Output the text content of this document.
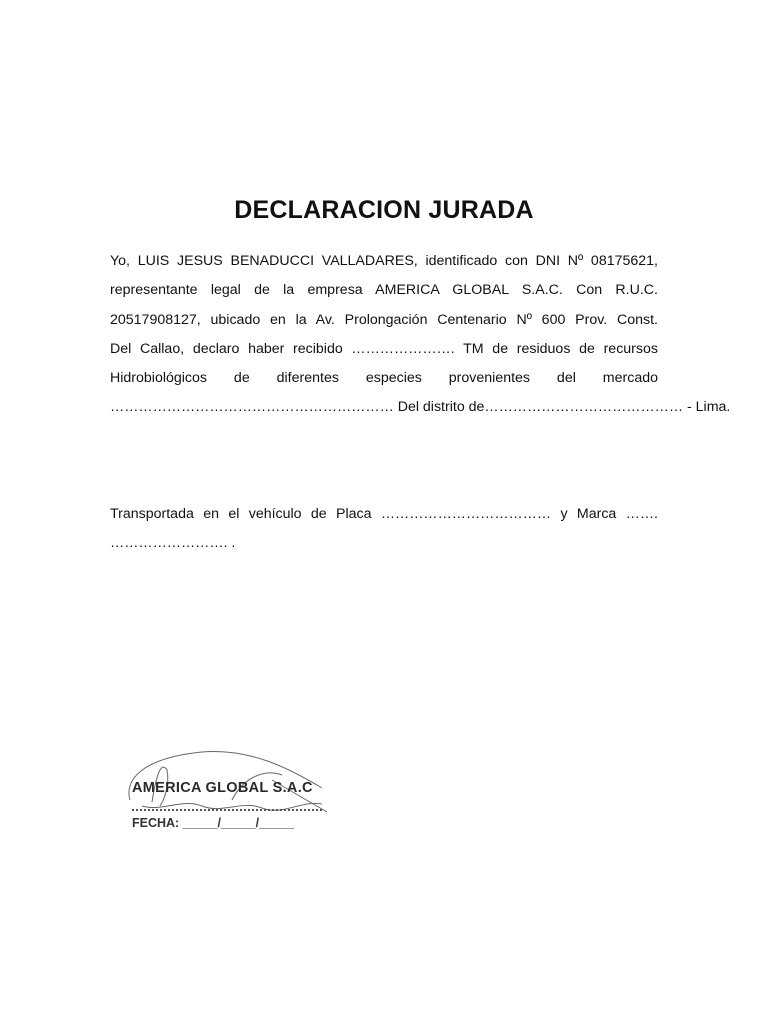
DECLARACION JURADA
Yo, LUIS JESUS BENADUCCI VALLADARES, identificado con DNI Nº 08175621,
representante legal de la empresa AMERICA GLOBAL S.A.C. Con R.U.C.
20517908127, ubicado en la Av. Prolongación Centenario Nº 600 Prov. Const.
Del Callao, declaro haber recibido …………………. TM de residuos de recursos
Hidrobiológicos de diferentes especies provenientes del mercado
…………………………………………………… Del distrito de…………………………………… - Lima.
Transportada en el vehículo de Placa ……………………………… y Marca …….
……………………. .
AMERICA GLOBAL S.A.C
FECHA: _____/_____/_____
